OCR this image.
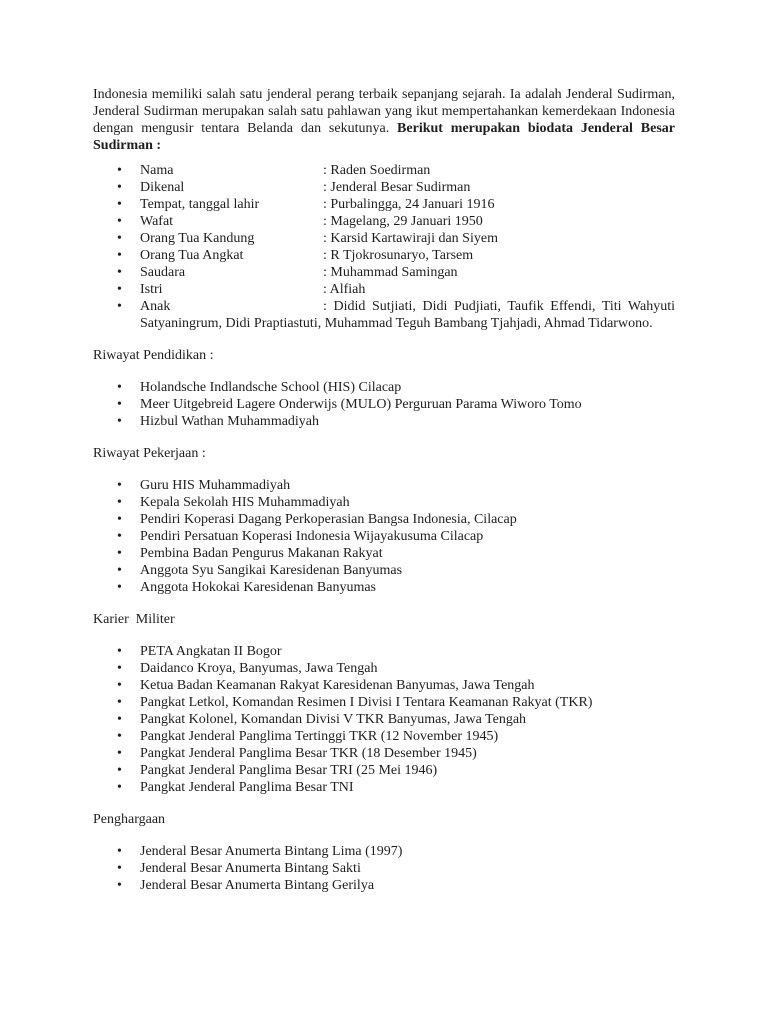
Indonesia memiliki salah satu jenderal perang terbaik sepanjang sejarah. Ia adalah Jenderal Sudirman, Jenderal Sudirman merupakan salah satu pahlawan yang ikut mempertahankan kemerdekaan Indonesia dengan mengusir tentara Belanda dan sekutunya. Berikut merupakan biodata Jenderal Besar Sudirman :

• Nama	: Raden Soedirman
• Dikenal	: Jenderal Besar Sudirman
• Tempat, tanggal lahir	: Purbalingga, 24 Januari 1916
• Wafat	: Magelang, 29 Januari 1950
• Orang Tua Kandung	: Karsid Kartawiraji dan Siyem
• Orang Tua Angkat	: R Tjokrosunaryo, Tarsem
• Saudara	: Muhammad Samingan
• Istri	: Alfiah
• Anak	: Didid Sutjiati, Didi Pudjiati, Taufik Effendi, Titi Wahyuti Satyaningrum, Didi Praptiastuti, Muhammad Teguh Bambang Tjahjadi, Ahmad Tidarwono.
Riwayat Pendidikan :
• Holandsche Indlandsche School (HIS) Cilacap
• Meer Uitgebreid Lagere Onderwijs (MULO) Perguruan Parama Wiworo Tomo
• Hizbul Wathan Muhammadiyah
Riwayat Pekerjaan :
• Guru HIS Muhammadiyah
• Kepala Sekolah HIS Muhammadiyah
• Pendiri Koperasi Dagang Perkoperasian Bangsa Indonesia, Cilacap
• Pendiri Persatuan Koperasi Indonesia Wijayakusuma Cilacap
• Pembina Badan Pengurus Makanan Rakyat
• Anggota Syu Sangikai Karesidenan Banyumas
• Anggota Hokokai Karesidenan Banyumas
Karier  Militer
• PETA Angkatan II Bogor
• Daidanco Kroya, Banyumas, Jawa Tengah
• Ketua Badan Keamanan Rakyat Karesidenan Banyumas, Jawa Tengah
• Pangkat Letkol, Komandan Resimen I Divisi I Tentara Keamanan Rakyat (TKR)
• Pangkat Kolonel, Komandan Divisi V TKR Banyumas, Jawa Tengah
• Pangkat Jenderal Panglima Tertinggi TKR (12 November 1945)
• Pangkat Jenderal Panglima Besar TKR (18 Desember 1945)
• Pangkat Jenderal Panglima Besar TRI (25 Mei 1946)
• Pangkat Jenderal Panglima Besar TNI
Penghargaan
• Jenderal Besar Anumerta Bintang Lima (1997)
• Jenderal Besar Anumerta Bintang Sakti
• Jenderal Besar Anumerta Bintang Gerilya
